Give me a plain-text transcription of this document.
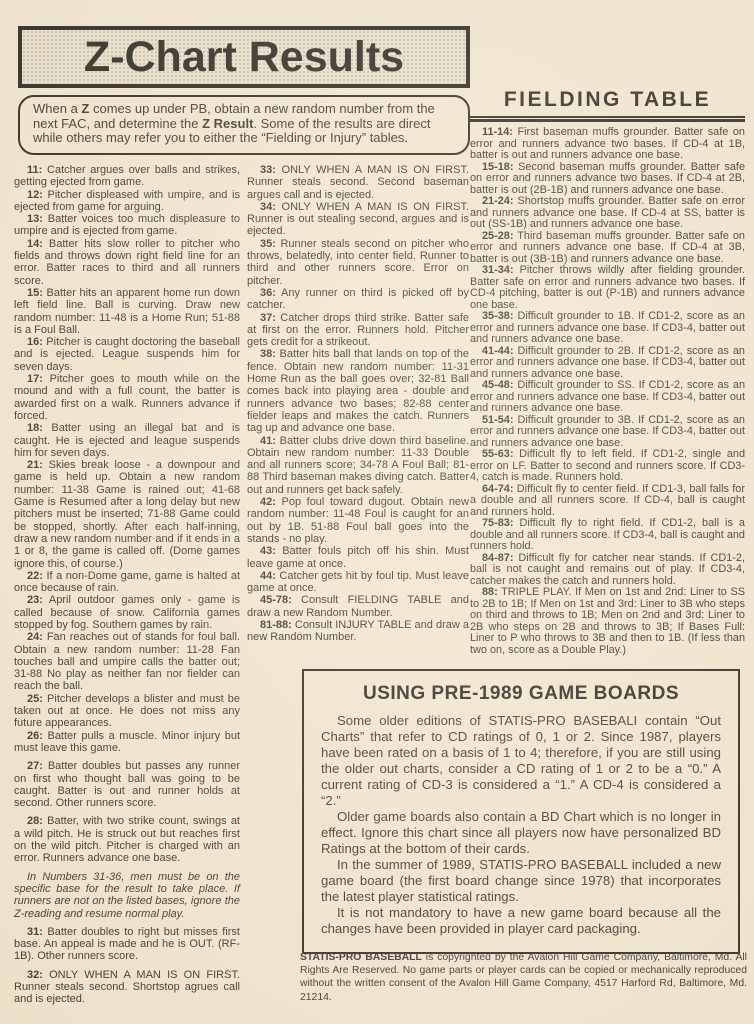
Z-Chart Results
When a Z comes up under PB, obtain a new random number from the next FAC, and determine the Z Result. Some of the results are direct while others may refer you to either the “Fielding or Injury” tables.

11: Catcher argues over balls and strikes, getting ejected from game.

12: Pitcher displeased with umpire, and is ejected from game for arguing.

13: Batter voices too much displeasure to umpire and is ejected from game.

14: Batter hits slow roller to pitcher who fields and throws down right field line for an error. Batter races to third and all runners score.

15: Batter hits an apparent home run down left field line. Ball is curving. Draw new random number: 11-48 is a Home Run; 51-88 is a Foul Ball.

16: Pitcher is caught doctoring the baseball and is ejected. League suspends him for seven days.

17: Pitcher goes to mouth while on the mound and with a full count, the batter is awarded first on a walk. Runners advance if forced.

18: Batter using an illegal bat and is caught. He is ejected and league suspends him for seven days.

21: Skies break loose - a downpour and game is held up. Obtain a new random number: 11-38 Game is rained out; 41-68 Game is Resumed after a long delay but new pitchers must be inserted; 71-88 Game could be stopped, shortly. After each half-inning, draw a new random number and if it ends in a 1 or 8, the game is called off. (Dome games ignore this, of course.)

22: If a non-Dome game, game is halted at once because of rain.

23: April outdoor games only - game is called because of snow. California games stopped by fog. Southern games by rain.

24: Fan reaches out of stands for foul ball. Obtain a new random number: 11-28 Fan touches ball and umpire calls the batter out; 31-88 No play as neither fan nor fielder can reach the ball.

25: Pitcher develops a blister and must be taken out at once. He does not miss any future appearances.

26: Batter pulls a muscle. Minor injury but must leave this game.

27: Batter doubles but passes any runner on first who thought ball was going to be caught. Batter is out and runner holds at second. Other runners score.

28: Batter, with two strike count, swings at a wild pitch. He is struck out but reaches first on the wild pitch. Pitcher is charged with an error. Runners advance one base.

In Numbers 31-36, men must be on the specific base for the result to take place. If runners are not on the listed bases, ignore the Z-reading and resume normal play.

31: Batter doubles to right but misses first base. An appeal is made and he is OUT. (RF-1B). Other runners score.

32: ONLY WHEN A MAN IS ON FIRST. Runner steals second. Shortstop agrues call and is ejected.

33: ONLY WHEN A MAN IS ON FIRST. Runner steals second. Second baseman argues call and is ejected.

34: ONLY WHEN A MAN IS ON FIRST. Runner is out stealing second, argues and is ejected.

35: Runner steals second on pitcher who throws, belatedly, into center field. Runner to third and other runners score. Error on pitcher.

36: Any runner on third is picked off by catcher.

37: Catcher drops third strike. Batter safe at first on the error. Runners hold. Pitcher gets credit for a strikeout.

38: Batter hits ball that lands on top of the fence. Obtain new random number: 11-31 Home Run as the ball goes over; 32-81 Ball comes back into playing area - double and runners advance two bases; 82-88 center fielder leaps and makes the catch. Runners tag up and advance one base.

41: Batter clubs drive down third baseline. Obtain new random number: 11-33 Double and all runners score; 34-78 A Foul Ball; 81-88 Third baseman makes diving catch. Batter out and runners get back safely.

42: Pop foul toward dugout. Obtain new random number: 11-48 Foul is caught for an out by 1B. 51-88 Foul ball goes into the stands - no play.

43: Batter fouls pitch off his shin. Must leave game at once.

44: Catcher gets hit by foul tip. Must leave game at once.

45-78: Consult FIELDING TABLE and draw a new Random Number.

81-88: Consult INJURY TABLE and draw a new Random Number.

FIELDING TABLE

11-14: First baseman muffs grounder. Batter safe on error and runners advance two bases. If CD-4 at 1B, batter is out and runners advance one base.

15-18: Second baseman muffs grounder. Batter safe on error and runners advance two bases. If CD-4 at 2B, batter is out (2B-1B) and runners advance one base.

21-24: Shortstop muffs grounder. Batter safe on error and runners advance one base. If CD-4 at SS, batter is out (SS-1B) and runners advance one base.

25-28: Third baseman muffs grounder. Batter safe on error and runners advance one base. If CD-4 at 3B, batter is out (3B-1B) and runners advance one base.

31-34: Pitcher throws wildly after fielding grounder. Batter safe on error and runners advance two bases. If CD-4 pitching, batter is out (P-1B) and runners advance one base.

35-38: Difficult grounder to 1B. If CD1-2, score as an error and runners advance one base. If CD3-4, batter out and runners advance one base.

41-44: Difficult grounder to 2B. If CD1-2, score as an error and runners advance one base. If CD3-4, batter out and runners advance one base.

45-48: Difficult grounder to SS. If CD1-2, score as an error and runners advance one base. If CD3-4, batter out and runners advance one base.

51-54: Difficult grounder to 3B. If CD1-2, score as an error and runners advance one base. If CD3-4, batter out and runners advance one base.

55-63: Difficult fly to left field. If CD1-2, single and error on LF. Batter to second and runners score. If CD3-4, catch is made. Runners hold.

64-74: Difficult fly to center field. If CD1-3, ball falls for a double and all runners score. If CD-4, ball is caught and runners hold.

75-83: Difficult fly to right field. If CD1-2, ball is a double and all runners score. If CD3-4, ball is caught and runners hold.

84-87: Difficult fly for catcher near stands. If CD1-2, ball is not caught and remains out of play. If CD3-4, catcher makes the catch and runners hold.

88: TRIPLE PLAY. If Men on 1st and 2nd: Liner to SS to 2B to 1B; If Men on 1st and 3rd: Liner to 3B who steps on third and throws to 1B; Men on 2nd and 3rd: Liner to 2B who steps on 2B and throws to 3B; If Bases Full: Liner to P who throws to 3B and then to 1B. (If less than two on, score as a Double Play.)

USING PRE-1989 GAME BOARDS

Some older editions of STATIS-PRO BASEBALI contain “Out Charts” that refer to CD ratings of 0, 1 or 2. Since 1987, players have been rated on a basis of 1 to 4; therefore, if you are still using the older out charts, consider a CD rating of 1 or 2 to be a “0.” A current rating of CD-3 is considered a “1.” A CD-4 is considered a “2.”

Older game boards also contain a BD Chart which is no longer in effect. Ignore this chart since all players now have personalized BD Ratings at the bottom of their cards.

In the summer of 1989, STATIS-PRO BASEBALL included a new game board (the first board change since 1978) that incorporates the latest player statistical ratings.

It is not mandatory to have a new game board because all the changes have been provided in player card packaging.

STATIS-PRO BASEBALL is copyrighted by the Avalon Hill Game Company, Baltimore, Md. All Rights Are Reserved. No game parts or player cards can be copied or mechanically reproduced without the written consent of the Avalon Hill Game Company, 4517 Harford Rd, Baltimore, Md. 21214.
